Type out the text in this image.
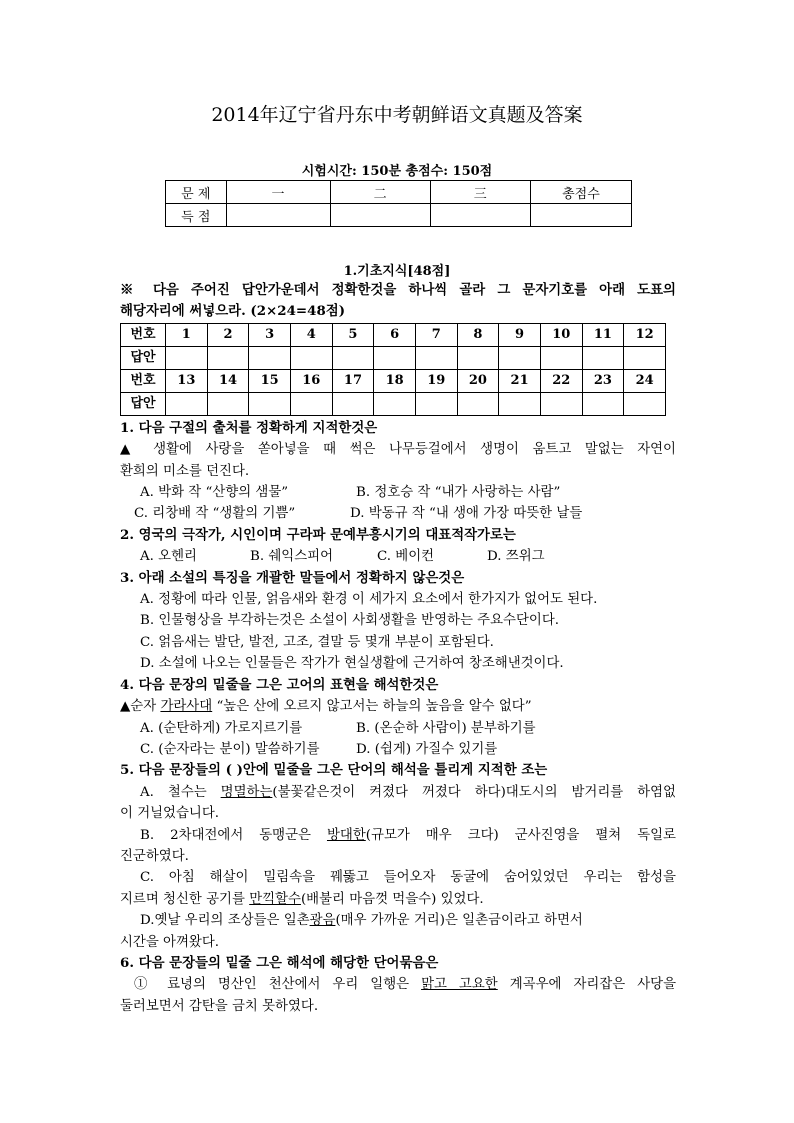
2014年辽宁省丹东中考朝鲜语文真题及答案
시험시간: 150분 총점수: 150점
문 제	一	二	三	총점수
득 점				
1.기초지식[48점]

※ 다음 주어진 답안가운데서 정확한것을 하나씩 골라 그 문자기호를 아래 도표의

해당자리에 써넣으라. (2×24=48점)

번호	1	2	3	4	5	6	7	8	9	10	11	12
답안												
번호	13	14	15	16	17	18	19	20	21	22	23	24
답안												

1. 다음 구절의 출처를 정확하게 지적한것은

▲ 생활에 사랑을 쏟아넣을 때 썩은 나무등걸에서 생명이 움트고 말없는 자연이

환희의 미소를 던진다.

A. 박화 작 “산향의 샘물”	B. 정호승 작 “내가 사랑하는 사람”

C. 리창배 작 “생활의 기쁨”	D. 박동규 작 “내 생애 가장 따뜻한 날들

2. 영국의 극작가, 시인이며 구라파 문예부흥시기의 대표적작가로는

A. 오헨리	B. 쉐익스피어	C. 베이컨	D. 쯔위그

3. 아래 소설의 특징을 개괄한 말들에서 정확하지 않은것은

A. 정황에 따라 인물, 얽음새와 환경 이 세가지 요소에서 한가지가 없어도 된다.

B. 인물형상을 부각하는것은 소설이 사회생활을 반영하는 주요수단이다.

C. 얽음새는 발단, 발전, 고조, 결말 등 몇개 부분이 포함된다.

D. 소설에 나오는 인물들은 작가가 현실생활에 근거하여 창조해낸것이다.

4. 다음 문장의 밑줄을 그은 고어의 표현을 해석한것은

▲순자 가라사대 “높은 산에 오르지 않고서는 하늘의 높음을 알수 없다”

A. (순탄하게) 가로지르기를	B. (온순하 사람이) 분부하기를

C. (순자라는 분이) 말씀하기를	D. (쉽게) 가질수 있기를

5. 다음 문장들의 ( )안에 밑줄을 그은 단어의 해석을 틀리게 지적한 조는

A. 철수는 명멸하는(불꽃같은것이 켜졌다 꺼졌다 하다)대도시의 밤거리를 하염없

이 거닐었습니다.

B. 2차대전에서 동맹군은 방대한(규모가 매우 크다) 군사진영을 펼쳐 독일로

진군하였다.

C. 아침 해살이 밀림속을 꿰뚫고 들어오자 동굴에 숨어있었던 우리는 함성을

지르며 청신한 공기를 만끽할수(배불리 마음껏 먹을수) 있었다.

D.옛날 우리의 조상들은 일촌광음(매우 가까운 거리)은 일촌금이라고 하면서

시간을 아껴왔다.

6. 다음 문장들의 밑줄 그은 해석에 해당한 단어묶음은

① 료녕의 명산인 천산에서 우리 일행은 맑고 고요한 계곡우에 자리잡은 사당을

둘러보면서 감탄을 금치 못하였다.
